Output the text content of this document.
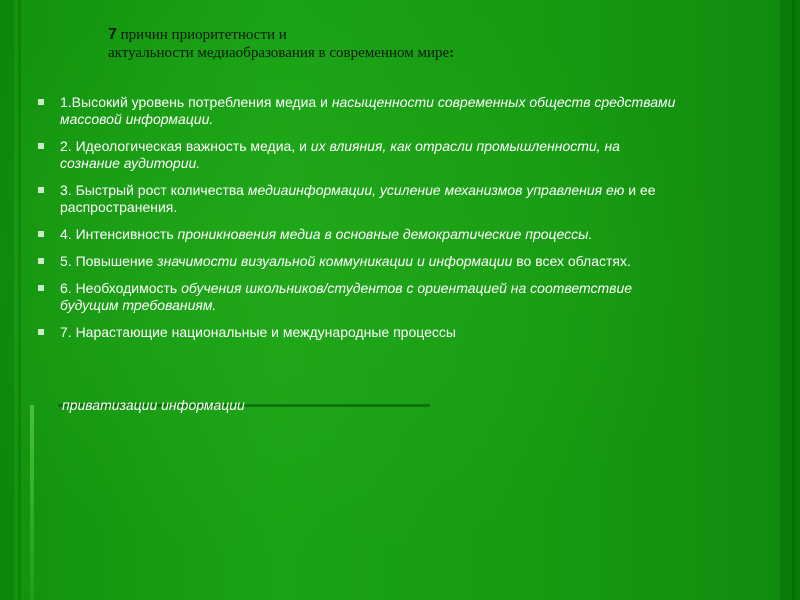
7 причин приоритетности и
актуальности медиаобразования в современном мире:
1.Высокий уровень потребления медиа и насыщенности современных обществ средствами массовой информации.
2. Идеологическая важность медиа, и их влияния, как отрасли промышленности, на сознание аудитории.
3. Быстрый рост количества медиаинформации, усиление механизмов управления ею и ее распространения.
4. Интенсивность проникновения медиа в основные демократические процессы.
5. Повышение значимости визуальной коммуникации и информации во всех областях.
6. Необходимость обучения школьников/студентов с ориентацией на соответствие будущим требованиям.
7. Нарастающие национальные и международные процессы
приватизации информации
